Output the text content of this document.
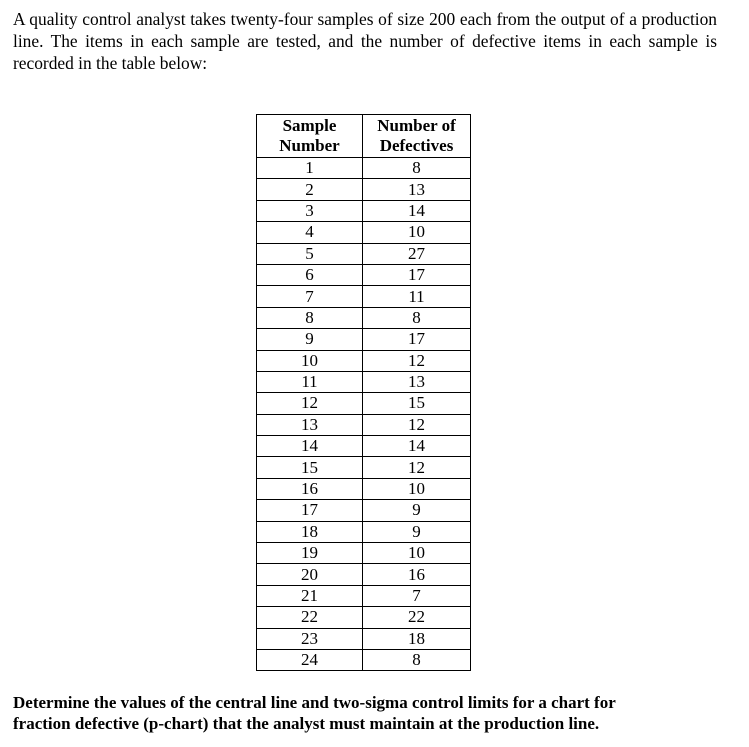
A quality control analyst takes twenty-four samples of size 200 each from the output of a production line. The items in each sample are tested, and the number of defective items in each sample is recorded in the table below:

Sample
Number	Number of
Defectives
1	8
2	13
3	14
4	10
5	27
6	17
7	11
8	8
9	17
10	12
11	13
12	15
13	12
14	14
15	12
16	10
17	9
18	9
19	10
20	16
21	7
22	22
23	18
24	8

Determine the values of the central line and two-sigma control limits for a chart for
fraction defective (p-chart) that the analyst must maintain at the production line.
